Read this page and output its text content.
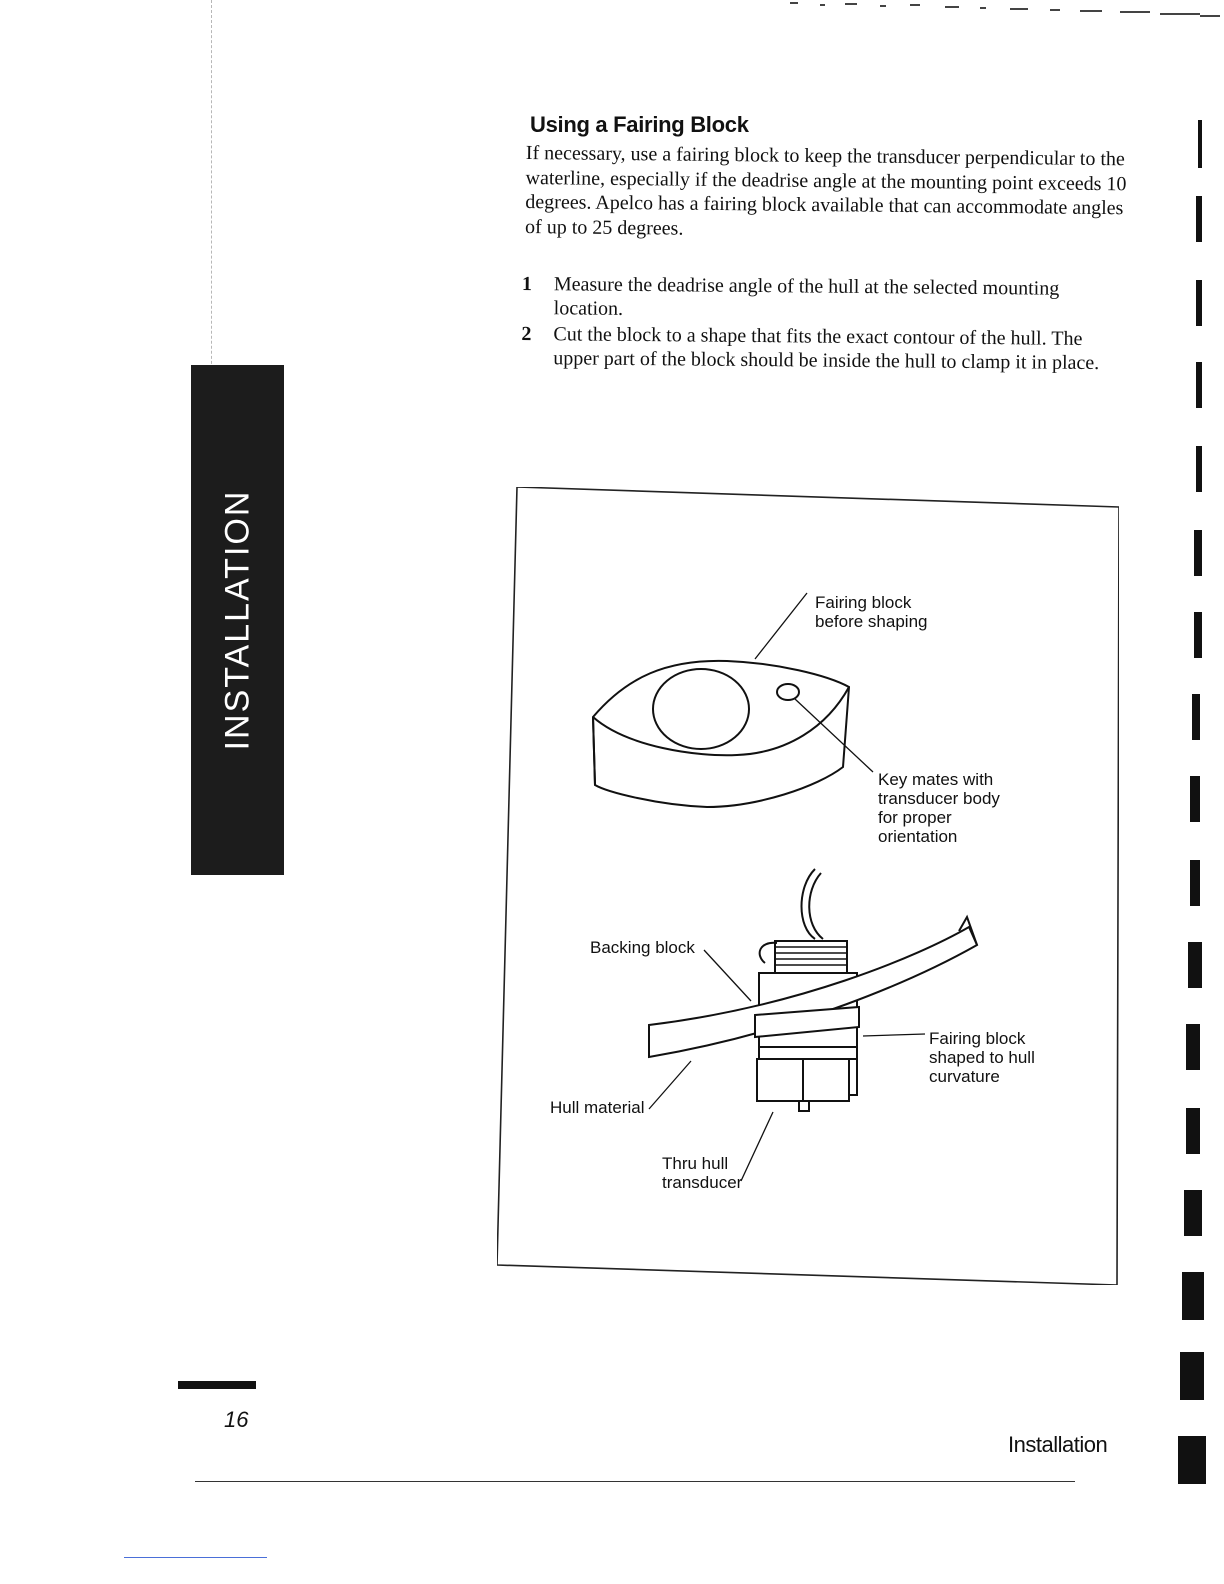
INSTALLATION
Using a Fairing Block
If necessary, use a fairing block to keep the transducer perpendicular to the waterline, especially if the deadrise angle at the mounting point exceeds 10 degrees. Apelco has a fairing block available that can accommodate angles of up to 25 degrees.
1	Measure the deadrise angle of the hull at the selected mounting location.
2	Cut the block to a shape that fits the exact contour of the hull. The upper part of the block should be inside the hull to clamp it in place.
Fairing block before shaping
Key mates with transducer body for proper orientation
Backing block
Fairing block shaped to hull curvature
Hull material
Thru hull transducer
16
Installation
